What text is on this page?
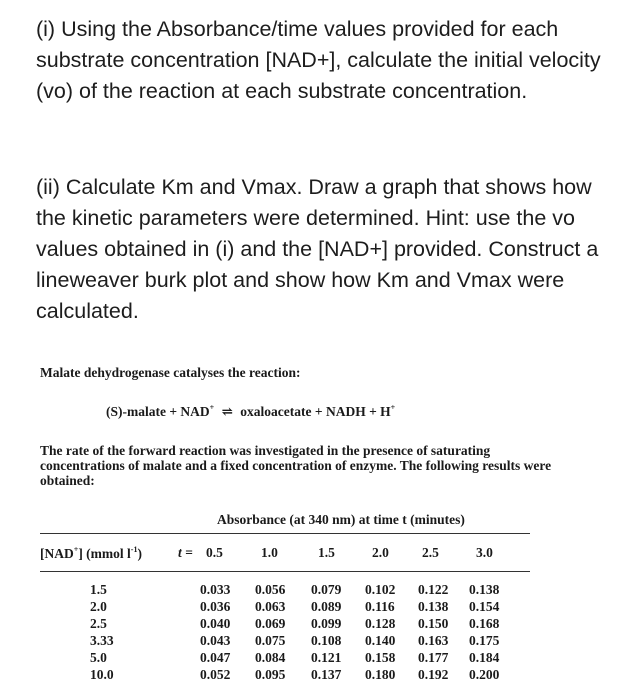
(i) Using the Absorbance/time values provided for each substrate concentration [NAD+], calculate the initial velocity (vo) of the reaction at each substrate concentration.

(ii) Calculate Km and Vmax. Draw a graph that shows how the kinetic parameters were determined. Hint: use the vo values obtained in (i) and the [NAD+] provided. Construct a lineweaver burk plot and show how Km and Vmax were calculated.

Malate dehydrogenase catalyses the reaction:

(S)-malate + NAD+ ⇌ oxaloacetate + NADH + H+

The rate of the forward reaction was investigated in the presence of saturating concentrations of malate and a fixed concentration of enzyme. The following results were obtained:

Absorbance (at 340 nm) at time t (minutes)

[NAD+] (mmol $l^{-1}$)	t = 0.5	1.0	1.5	2.0 2.5	3.0

1.5	0.033 0.056 0.079 0.102 0.122 0.138

2.0	0.036 0.063 0.089 0.116 0.138 0.154

2.5	0.040 0.069 0.099 0.128 0.150 0.168

3.33	0.043 0.075 0.108 0.140 0.163 0.175

5.0	0.047 0.084 0.121 0.158 0.177 0.184

10.0	0.052 0.095 0.137 0.180 0.192 0.200
